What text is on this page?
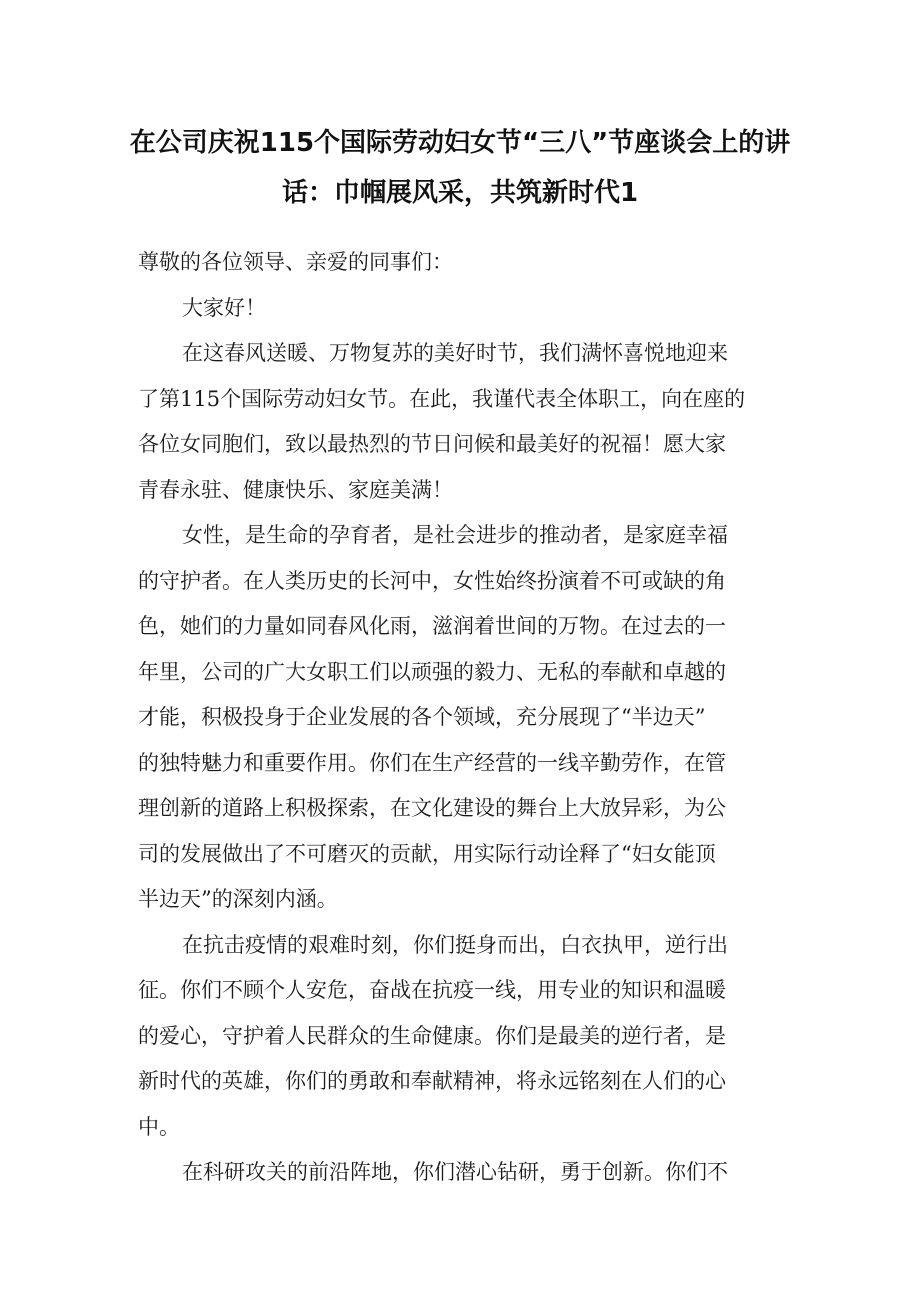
在公司庆祝115个国际劳动妇女节“三八”节座谈会上的讲
话：巾帼展风采，共筑新时代1

尊敬的各位领导、亲爱的同事们：

大家好！

在这春风送暖、万物复苏的美好时节，我们满怀喜悦地迎来
了第115个国际劳动妇女节。在此，我谨代表全体职工，向在座的
各位女同胞们，致以最热烈的节日问候和最美好的祝福！愿大家
青春永驻、健康快乐、家庭美满！

女性，是生命的孕育者，是社会进步的推动者，是家庭幸福
的守护者。在人类历史的长河中，女性始终扮演着不可或缺的角
色，她们的力量如同春风化雨，滋润着世间的万物。在过去的一
年里，公司的广大女职工们以顽强的毅力、无私的奉献和卓越的
才能，积极投身于企业发展的各个领域，充分展现了“半边天”
的独特魅力和重要作用。你们在生产经营的一线辛勤劳作，在管
理创新的道路上积极探索，在文化建设的舞台上大放异彩，为公
司的发展做出了不可磨灭的贡献，用实际行动诠释了“妇女能顶
半边天”的深刻内涵。

在抗击疫情的艰难时刻，你们挺身而出，白衣执甲，逆行出
征。你们不顾个人安危，奋战在抗疫一线，用专业的知识和温暖
的爱心，守护着人民群众的生命健康。你们是最美的逆行者，是
新时代的英雄，你们的勇敢和奉献精神，将永远铭刻在人们的心
中。

在科研攻关的前沿阵地，你们潜心钻研，勇于创新。你们不
